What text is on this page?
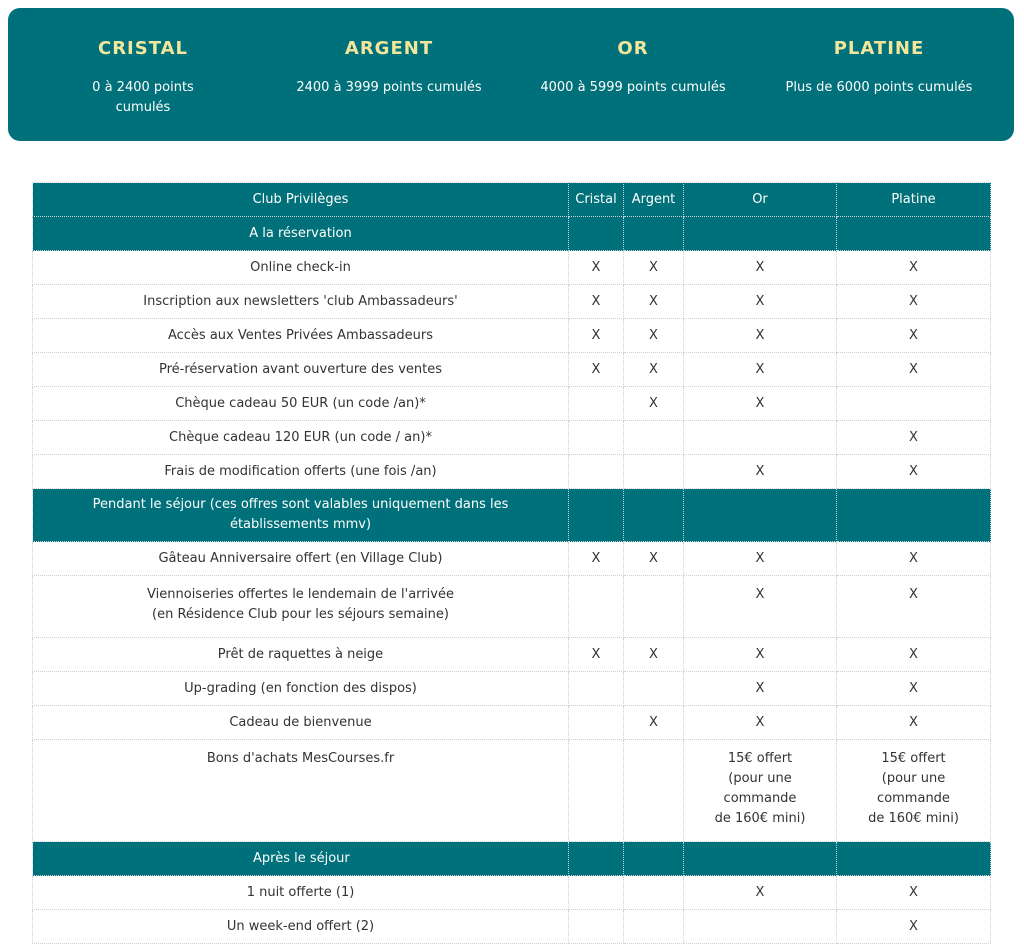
CRISTAL
0 à 2400 points cumulés
ARGENT
2400 à 3999 points cumulés
OR
4000 à 5999 points cumulés
PLATINE
Plus de 6000 points cumulés
Club Privilèges	Cristal	Argent	Or	Platine
A la réservation				
Online check-in	X	X	X	X
Inscription aux newsletters 'club Ambassadeurs'	X	X	X	X
Accès aux Ventes Privées Ambassadeurs	X	X	X	X
Pré-réservation avant ouverture des ventes	X	X	X	X
Chèque cadeau 50 EUR (un code /an)*		X	X	
Chèque cadeau 120 EUR (un code / an)*				X
Frais de modification offerts (une fois /an)			X	X
Pendant le séjour (ces offres sont valables uniquement dans les établissements mmv)				
Gâteau Anniversaire offert (en Village Club)	X	X	X	X

Viennoiseries offertes le lendemain de l'arrivée
(en Résidence Club pour les séjours semaine)			X	X
Prêt de raquettes à neige	X	X	X	X
Up-grading (en fonction des dispos)			X	X
Cadeau de bienvenue		X	X	X
Bons d'achats MesCourses.fr			15€ offert
(pour une
commande
de 160€ mini)	15€ offert
(pour une
commande
de 160€ mini)

Après le séjour				
1 nuit offerte (1)			X	X
Un week-end offert (2)				X
